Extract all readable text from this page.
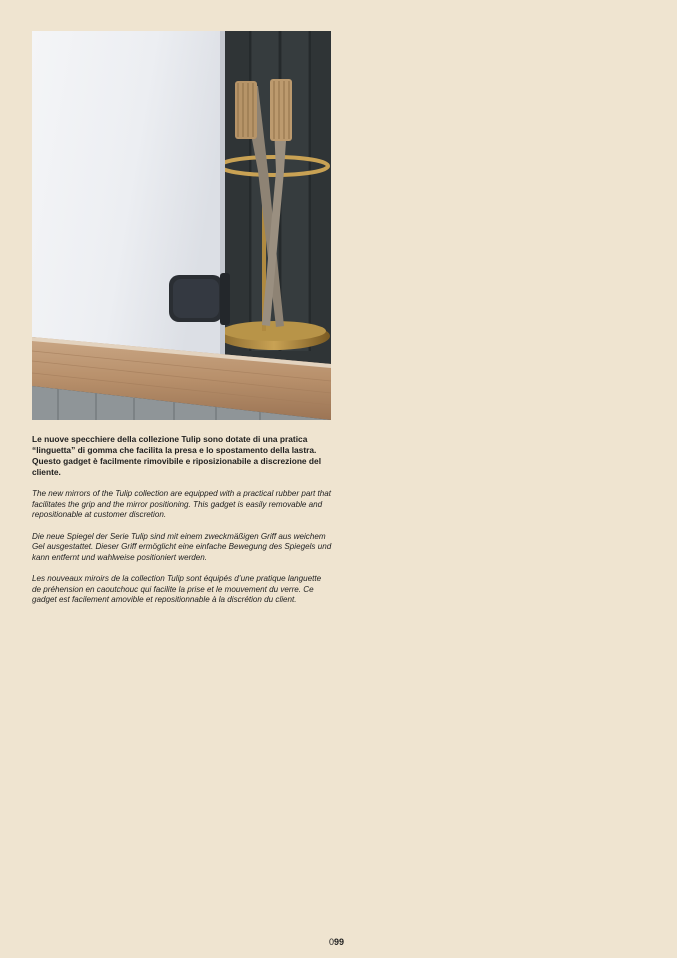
Le nuove specchiere della collezione Tulip sono dotate di una pratica “linguetta” di gomma che facilita la presa e lo spostamento della lastra. Questo gadget è facilmente rimovibile e riposizionabile a discrezione del cliente.

The new mirrors of the Tulip collection are equipped with a practical rubber part that facilitates the grip and the mirror positioning. This gadget is easily removable and repositionable at customer discretion.

Die neue Spiegel der Serie Tulip sind mit einem zweckmäßigen Griff aus weichem Gel ausgestattet. Dieser Griff ermöglicht eine einfache Bewegung des Spiegels und kann entfernt und wahlweise positioniert werden.

Les nouveaux miroirs de la collection Tulip sont équipés d’une pratique languette de préhension en caoutchouc qui facilite la prise et le mouvement du verre. Ce gadget est facilement amovible et repositionnable à la discrétion du client.

099
